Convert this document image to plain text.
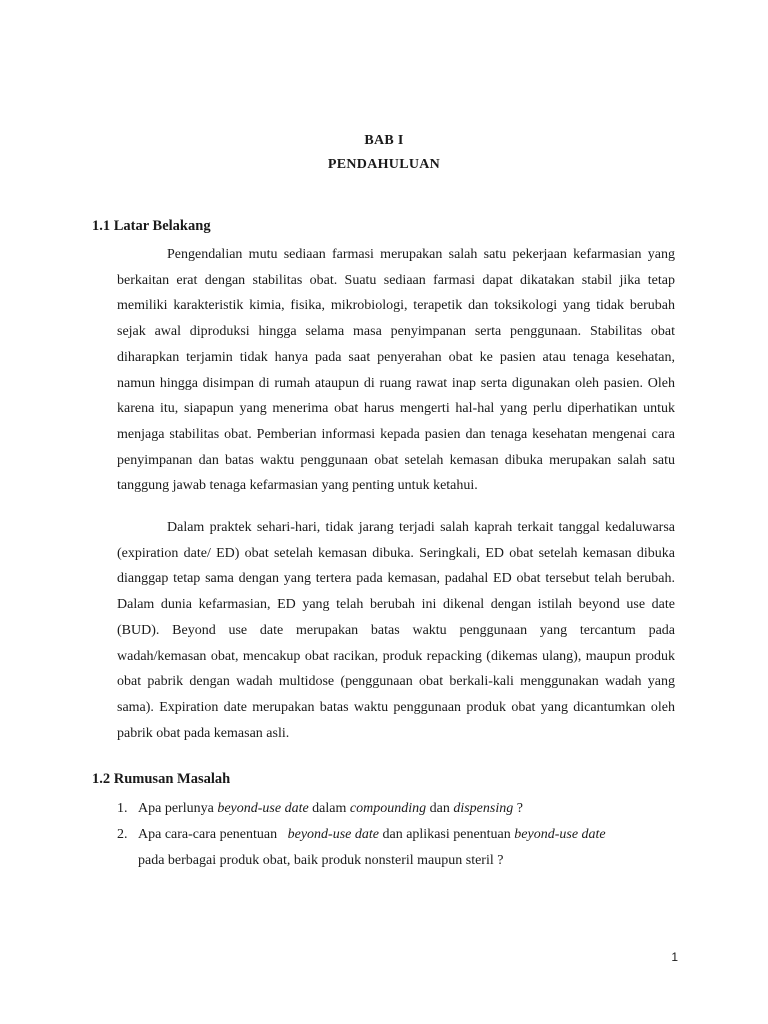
BAB I
PENDAHULUAN
1.1 Latar Belakang

Pengendalian mutu sediaan farmasi merupakan salah satu pekerjaan kefarmasian yang berkaitan erat dengan stabilitas obat. Suatu sediaan farmasi dapat dikatakan stabil jika tetap memiliki karakteristik kimia, fisika, mikrobiologi, terapetik dan toksikologi yang tidak berubah sejak awal diproduksi hingga selama masa penyimpanan serta penggunaan. Stabilitas obat diharapkan terjamin tidak hanya pada saat penyerahan obat ke pasien atau tenaga kesehatan, namun hingga disimpan di rumah ataupun di ruang rawat inap serta digunakan oleh pasien. Oleh karena itu, siapapun yang menerima obat harus mengerti hal-hal yang perlu diperhatikan untuk menjaga stabilitas obat. Pemberian informasi kepada pasien dan tenaga kesehatan mengenai cara penyimpanan dan batas waktu penggunaan obat setelah kemasan dibuka merupakan salah satu tanggung jawab tenaga kefarmasian yang penting untuk ketahui.

Dalam praktek sehari-hari, tidak jarang terjadi salah kaprah terkait tanggal kedaluwarsa (expiration date/ ED) obat setelah kemasan dibuka. Seringkali, ED obat setelah kemasan dibuka dianggap tetap sama dengan yang tertera pada kemasan, padahal ED obat tersebut telah berubah. Dalam dunia kefarmasian, ED yang telah berubah ini dikenal dengan istilah beyond use date (BUD). Beyond use date merupakan batas waktu penggunaan yang tercantum pada wadah/kemasan obat, mencakup obat racikan, produk repacking (dikemas ulang), maupun produk obat pabrik dengan wadah multidose (penggunaan obat berkali-kali menggunakan wadah yang sama). Expiration date merupakan batas waktu penggunaan produk obat yang dicantumkan oleh pabrik obat pada kemasan asli.

1.2 Rumusan Masalah
1. Apa perlunya beyond-use date dalam compounding dan dispensing ?
2. Apa cara-cara penentuan   beyond-use date dan aplikasi penentuan beyond-use date
pada berbagai produk obat, baik produk nonsteril maupun steril ?
1
